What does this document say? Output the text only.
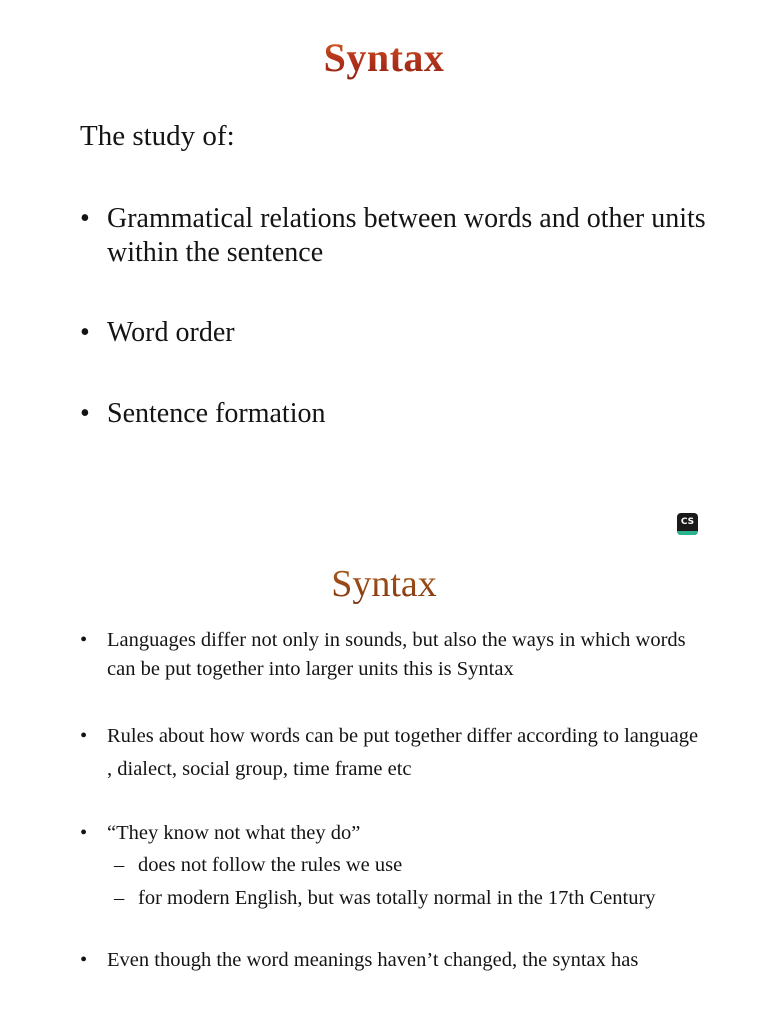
Syntax

The study of:

• Grammatical relations between words and other units within the sentence

• Word order

• Sentence formation

CS
Syntax

• Languages differ not only in sounds, but also the ways in which words can be put together into larger units this is Syntax

• Rules about how words can be put together differ according to language , dialect, social group, time frame etc

• “They know not what they do”

– does not follow the rules we use

– for modern English, but was totally normal in the 17th Century

• Even though the word meanings haven’t changed, the syntax has
